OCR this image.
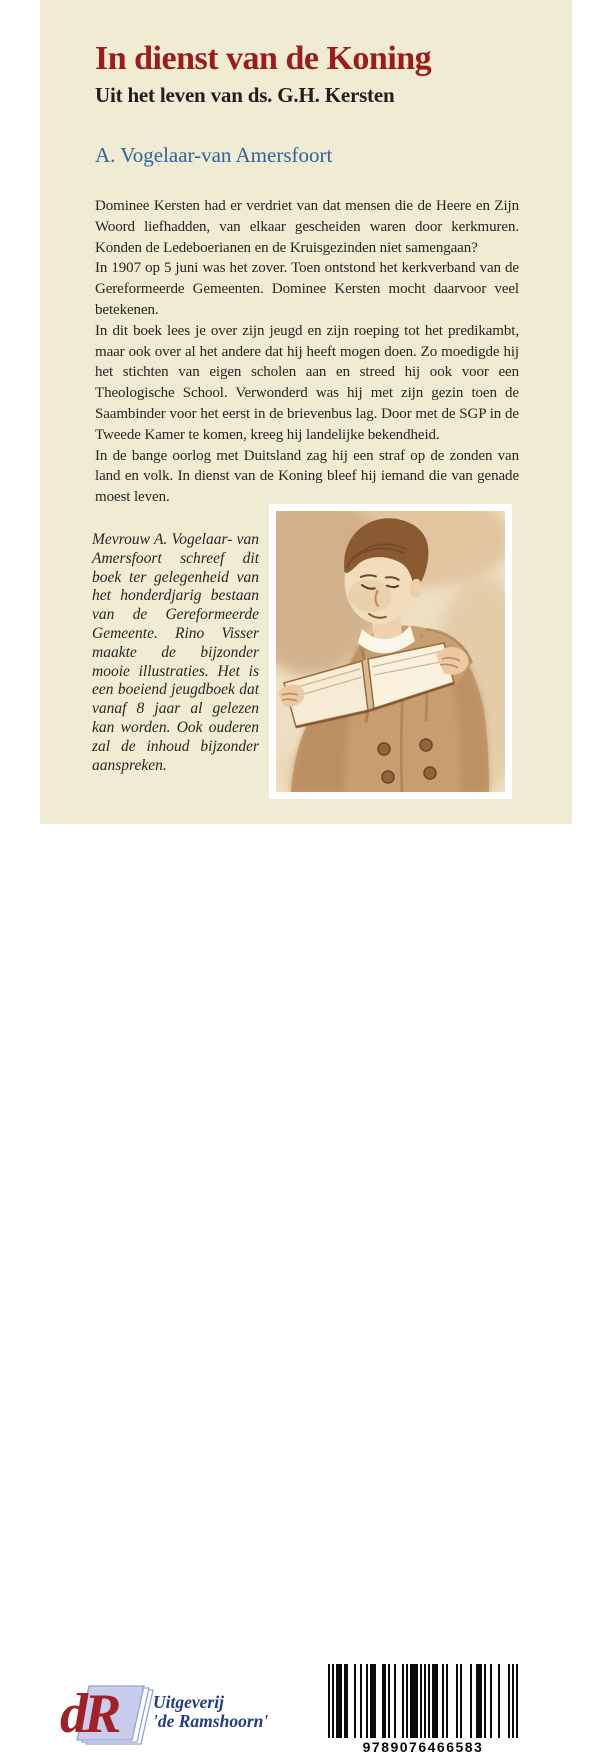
In dienst van de Koning
Uit het leven van ds. G.H. Kersten
A. Vogelaar-van Amersfoort

Dominee Kersten had er verdriet van dat mensen die de Heere en Zijn Woord liefhadden, van elkaar gescheiden waren door kerkmuren. Konden de Ledeboerianen en de Kruisgezinden niet samengaan?

In 1907 op 5 juni was het zover. Toen ontstond het kerkverband van de Gereformeerde Gemeenten. Dominee Kersten mocht daarvoor veel betekenen.

In dit boek lees je over zijn jeugd en zijn roeping tot het predikambt, maar ook over al het andere dat hij heeft mogen doen. Zo moedigde hij het stichten van eigen scholen aan en streed hij ook voor een Theologische School. Verwonderd was hij met zijn gezin toen de Saambinder voor het eerst in de brievenbus lag. Door met de SGP in de Tweede Kamer te komen, kreeg hij landelijke bekendheid.

In de bange oorlog met Duitsland zag hij een straf op de zonden van land en volk. In dienst van de Koning bleef hij iemand die van genade moest leven.

Mevrouw A. Vogelaar- van Amersfoort schreef dit boek ter gelegenheid van het honderdjarig bestaan van de Gereformeerde Gemeente. Rino Visser maakte de bijzonder mooie illustraties. Het is een boeiend jeugdboek dat vanaf 8 jaar al gelezen kan worden. Ook ouderen zal de inhoud bijzonder aanspreken.
dR Uitgeverij
'de Ramshoorn'
9789076466583
